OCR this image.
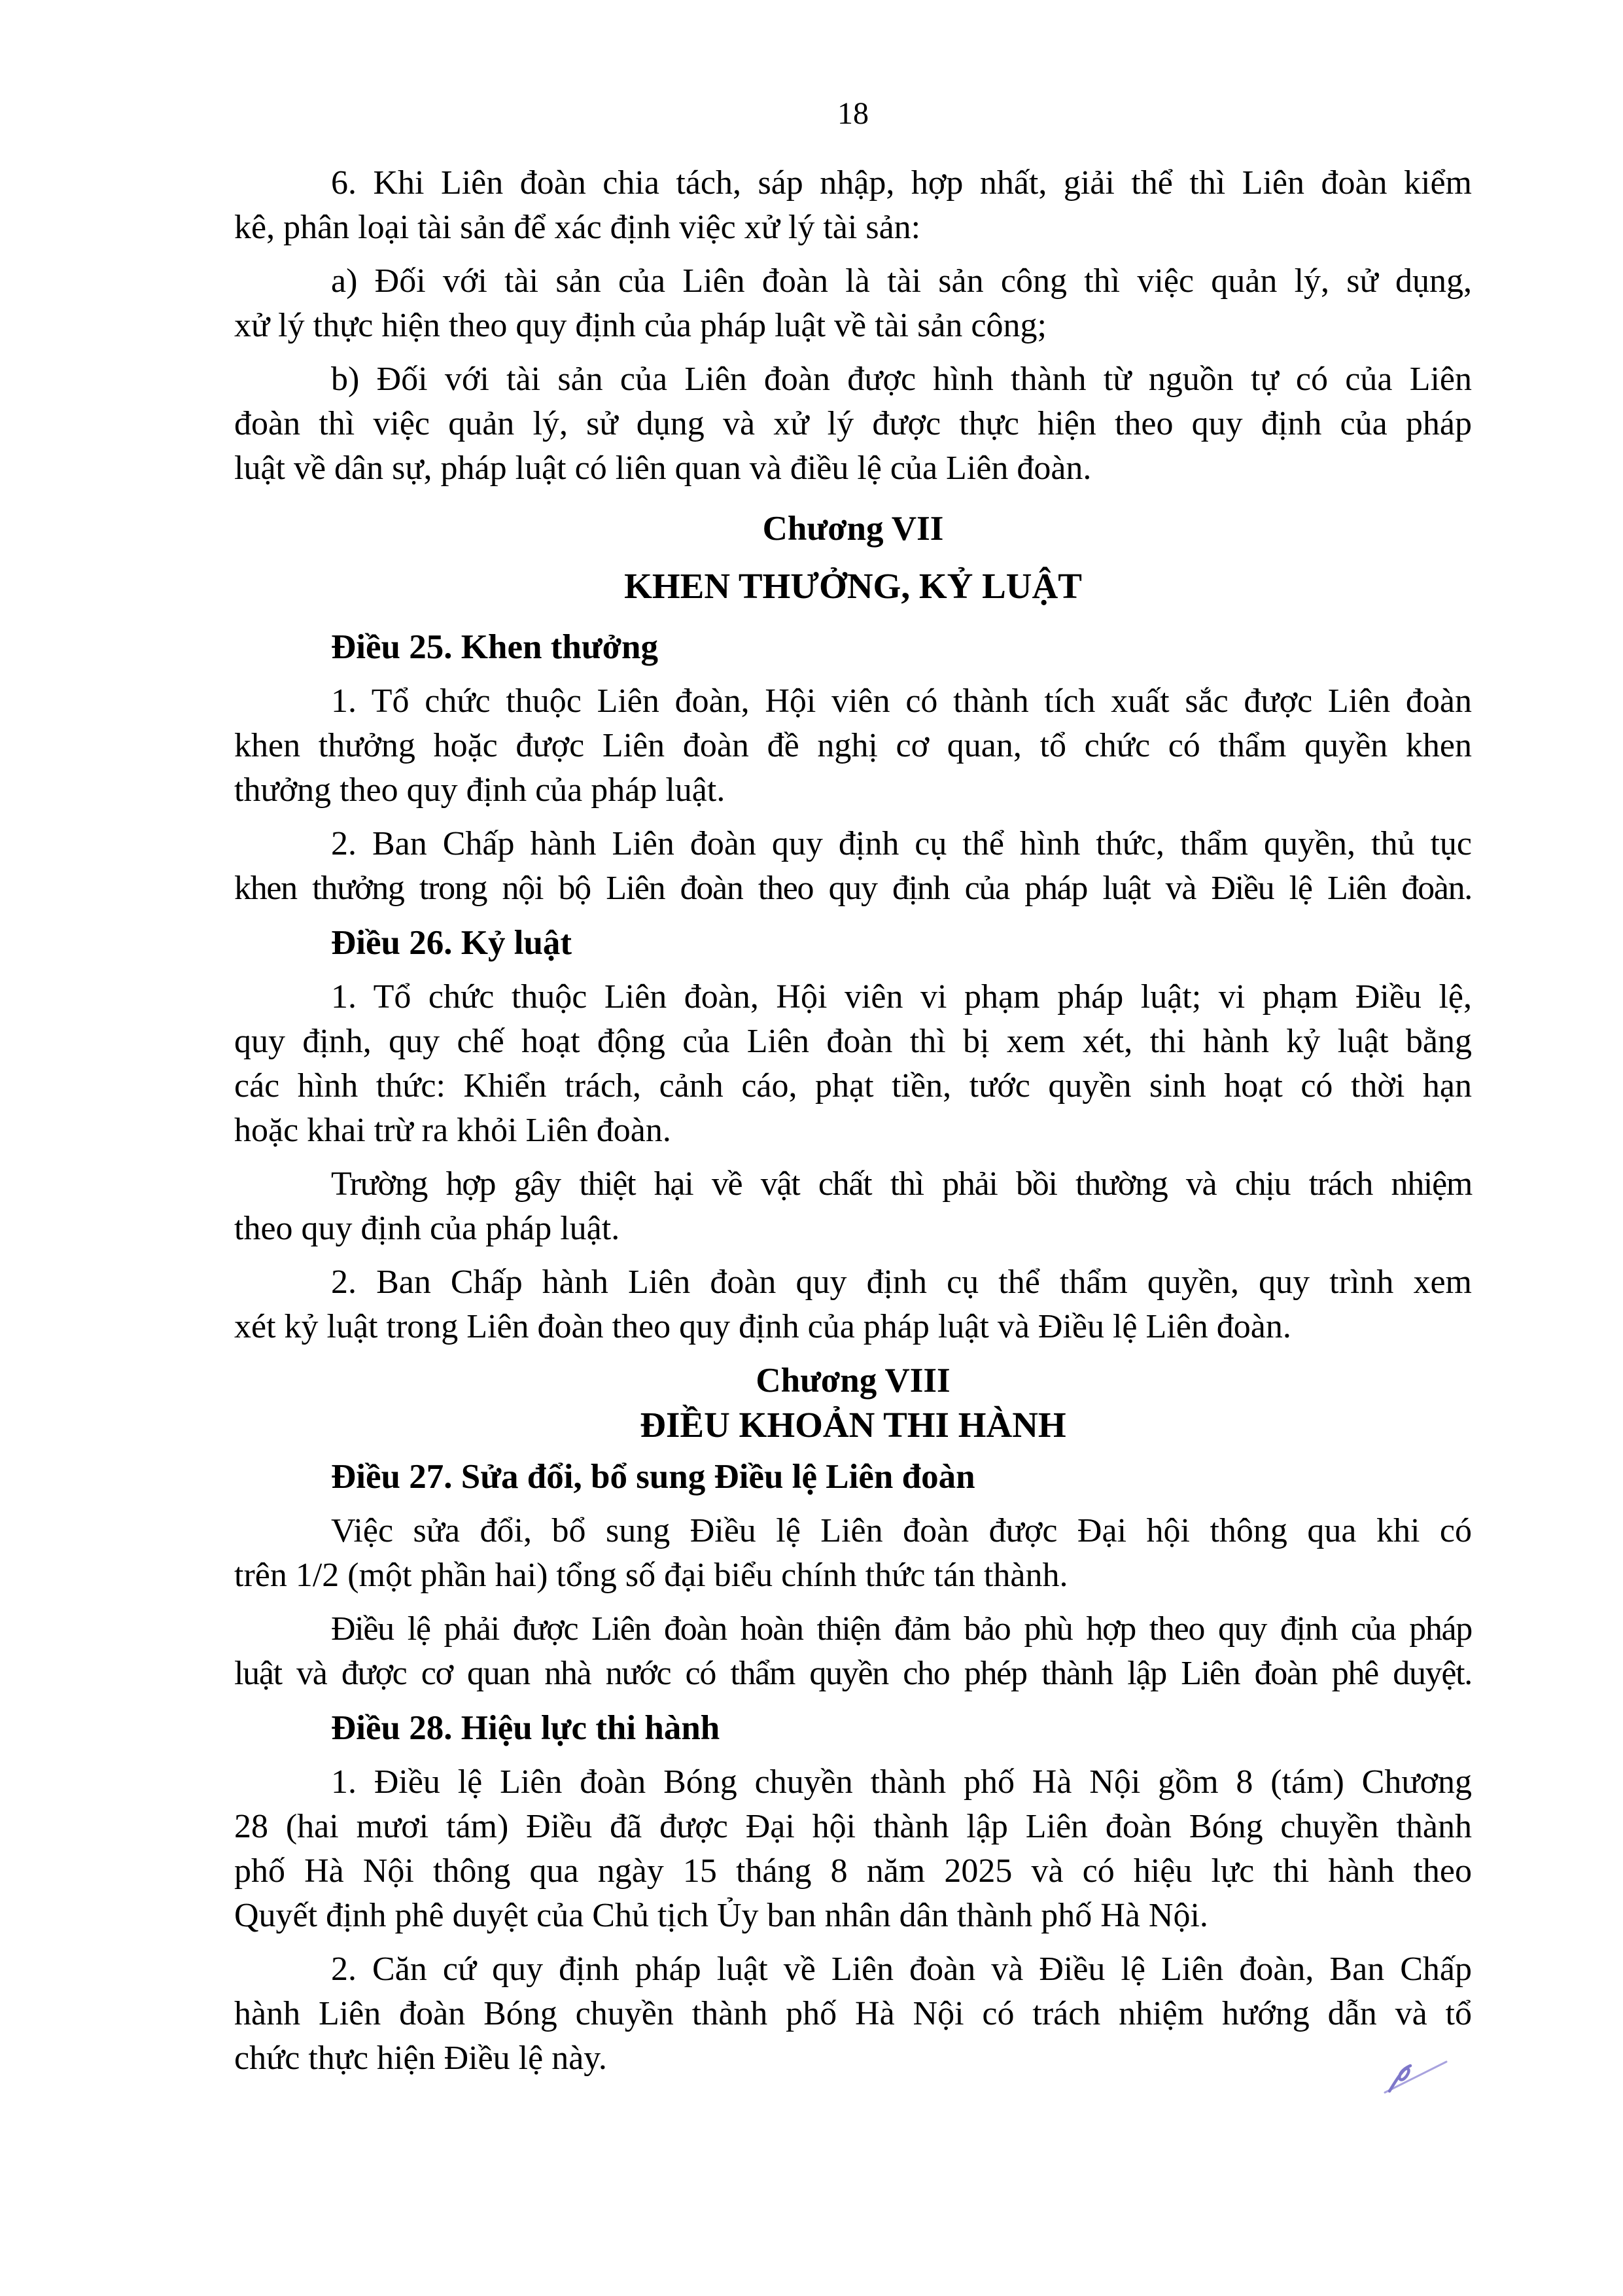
18

6. Khi Liên đoàn chia tách, sáp nhập, hợp nhất, giải thể thì Liên đoàn kiểm
kê, phân loại tài sản để xác định việc xử lý tài sản:

a) Đối với tài sản của Liên đoàn là tài sản công thì việc quản lý, sử dụng,
xử lý thực hiện theo quy định của pháp luật về tài sản công;

b) Đối với tài sản của Liên đoàn được hình thành từ nguồn tự có của Liên
đoàn thì việc quản lý, sử dụng và xử lý được thực hiện theo quy định của pháp
luật về dân sự, pháp luật có liên quan và điều lệ của Liên đoàn.

Chương VII
KHEN THƯỞNG, KỶ LUẬT
Điều 25. Khen thưởng

1. Tổ chức thuộc Liên đoàn, Hội viên có thành tích xuất sắc được Liên đoàn
khen thưởng hoặc được Liên đoàn đề nghị cơ quan, tổ chức có thẩm quyền khen
thưởng theo quy định của pháp luật.

2. Ban Chấp hành Liên đoàn quy định cụ thể hình thức, thẩm quyền, thủ tục
khen thưởng trong nội bộ Liên đoàn theo quy định của pháp luật và Điều lệ Liên đoàn.

Điều 26. Kỷ luật

1. Tổ chức thuộc Liên đoàn, Hội viên vi phạm pháp luật; vi phạm Điều lệ,
quy định, quy chế hoạt động của Liên đoàn thì bị xem xét, thi hành kỷ luật bằng
các hình thức: Khiển trách, cảnh cáo, phạt tiền, tước quyền sinh hoạt có thời hạn
hoặc khai trừ ra khỏi Liên đoàn.

Trường hợp gây thiệt hại về vật chất thì phải bồi thường và chịu trách nhiệm
theo quy định của pháp luật.

2. Ban Chấp hành Liên đoàn quy định cụ thể thẩm quyền, quy trình xem
xét kỷ luật trong Liên đoàn theo quy định của pháp luật và Điều lệ Liên đoàn.

Chương VIII
ĐIỀU KHOẢN THI HÀNH
Điều 27. Sửa đổi, bổ sung Điều lệ Liên đoàn

Việc sửa đổi, bổ sung Điều lệ Liên đoàn được Đại hội thông qua khi có
trên 1/2 (một phần hai) tổng số đại biểu chính thức tán thành.

Điều lệ phải được Liên đoàn hoàn thiện đảm bảo phù hợp theo quy định của pháp
luật và được cơ quan nhà nước có thẩm quyền cho phép thành lập Liên đoàn phê duyệt.

Điều 28. Hiệu lực thi hành

1. Điều lệ Liên đoàn Bóng chuyền thành phố Hà Nội gồm 8 (tám) Chương
28 (hai mươi tám) Điều đã được Đại hội thành lập Liên đoàn Bóng chuyền thành
phố Hà Nội thông qua ngày 15 tháng 8 năm 2025 và có hiệu lực thi hành theo
Quyết định phê duyệt của Chủ tịch Ủy ban nhân dân thành phố Hà Nội.

2. Căn cứ quy định pháp luật về Liên đoàn và Điều lệ Liên đoàn, Ban Chấp
hành Liên đoàn Bóng chuyền thành phố Hà Nội có trách nhiệm hướng dẫn và tổ
chức thực hiện Điều lệ này.
